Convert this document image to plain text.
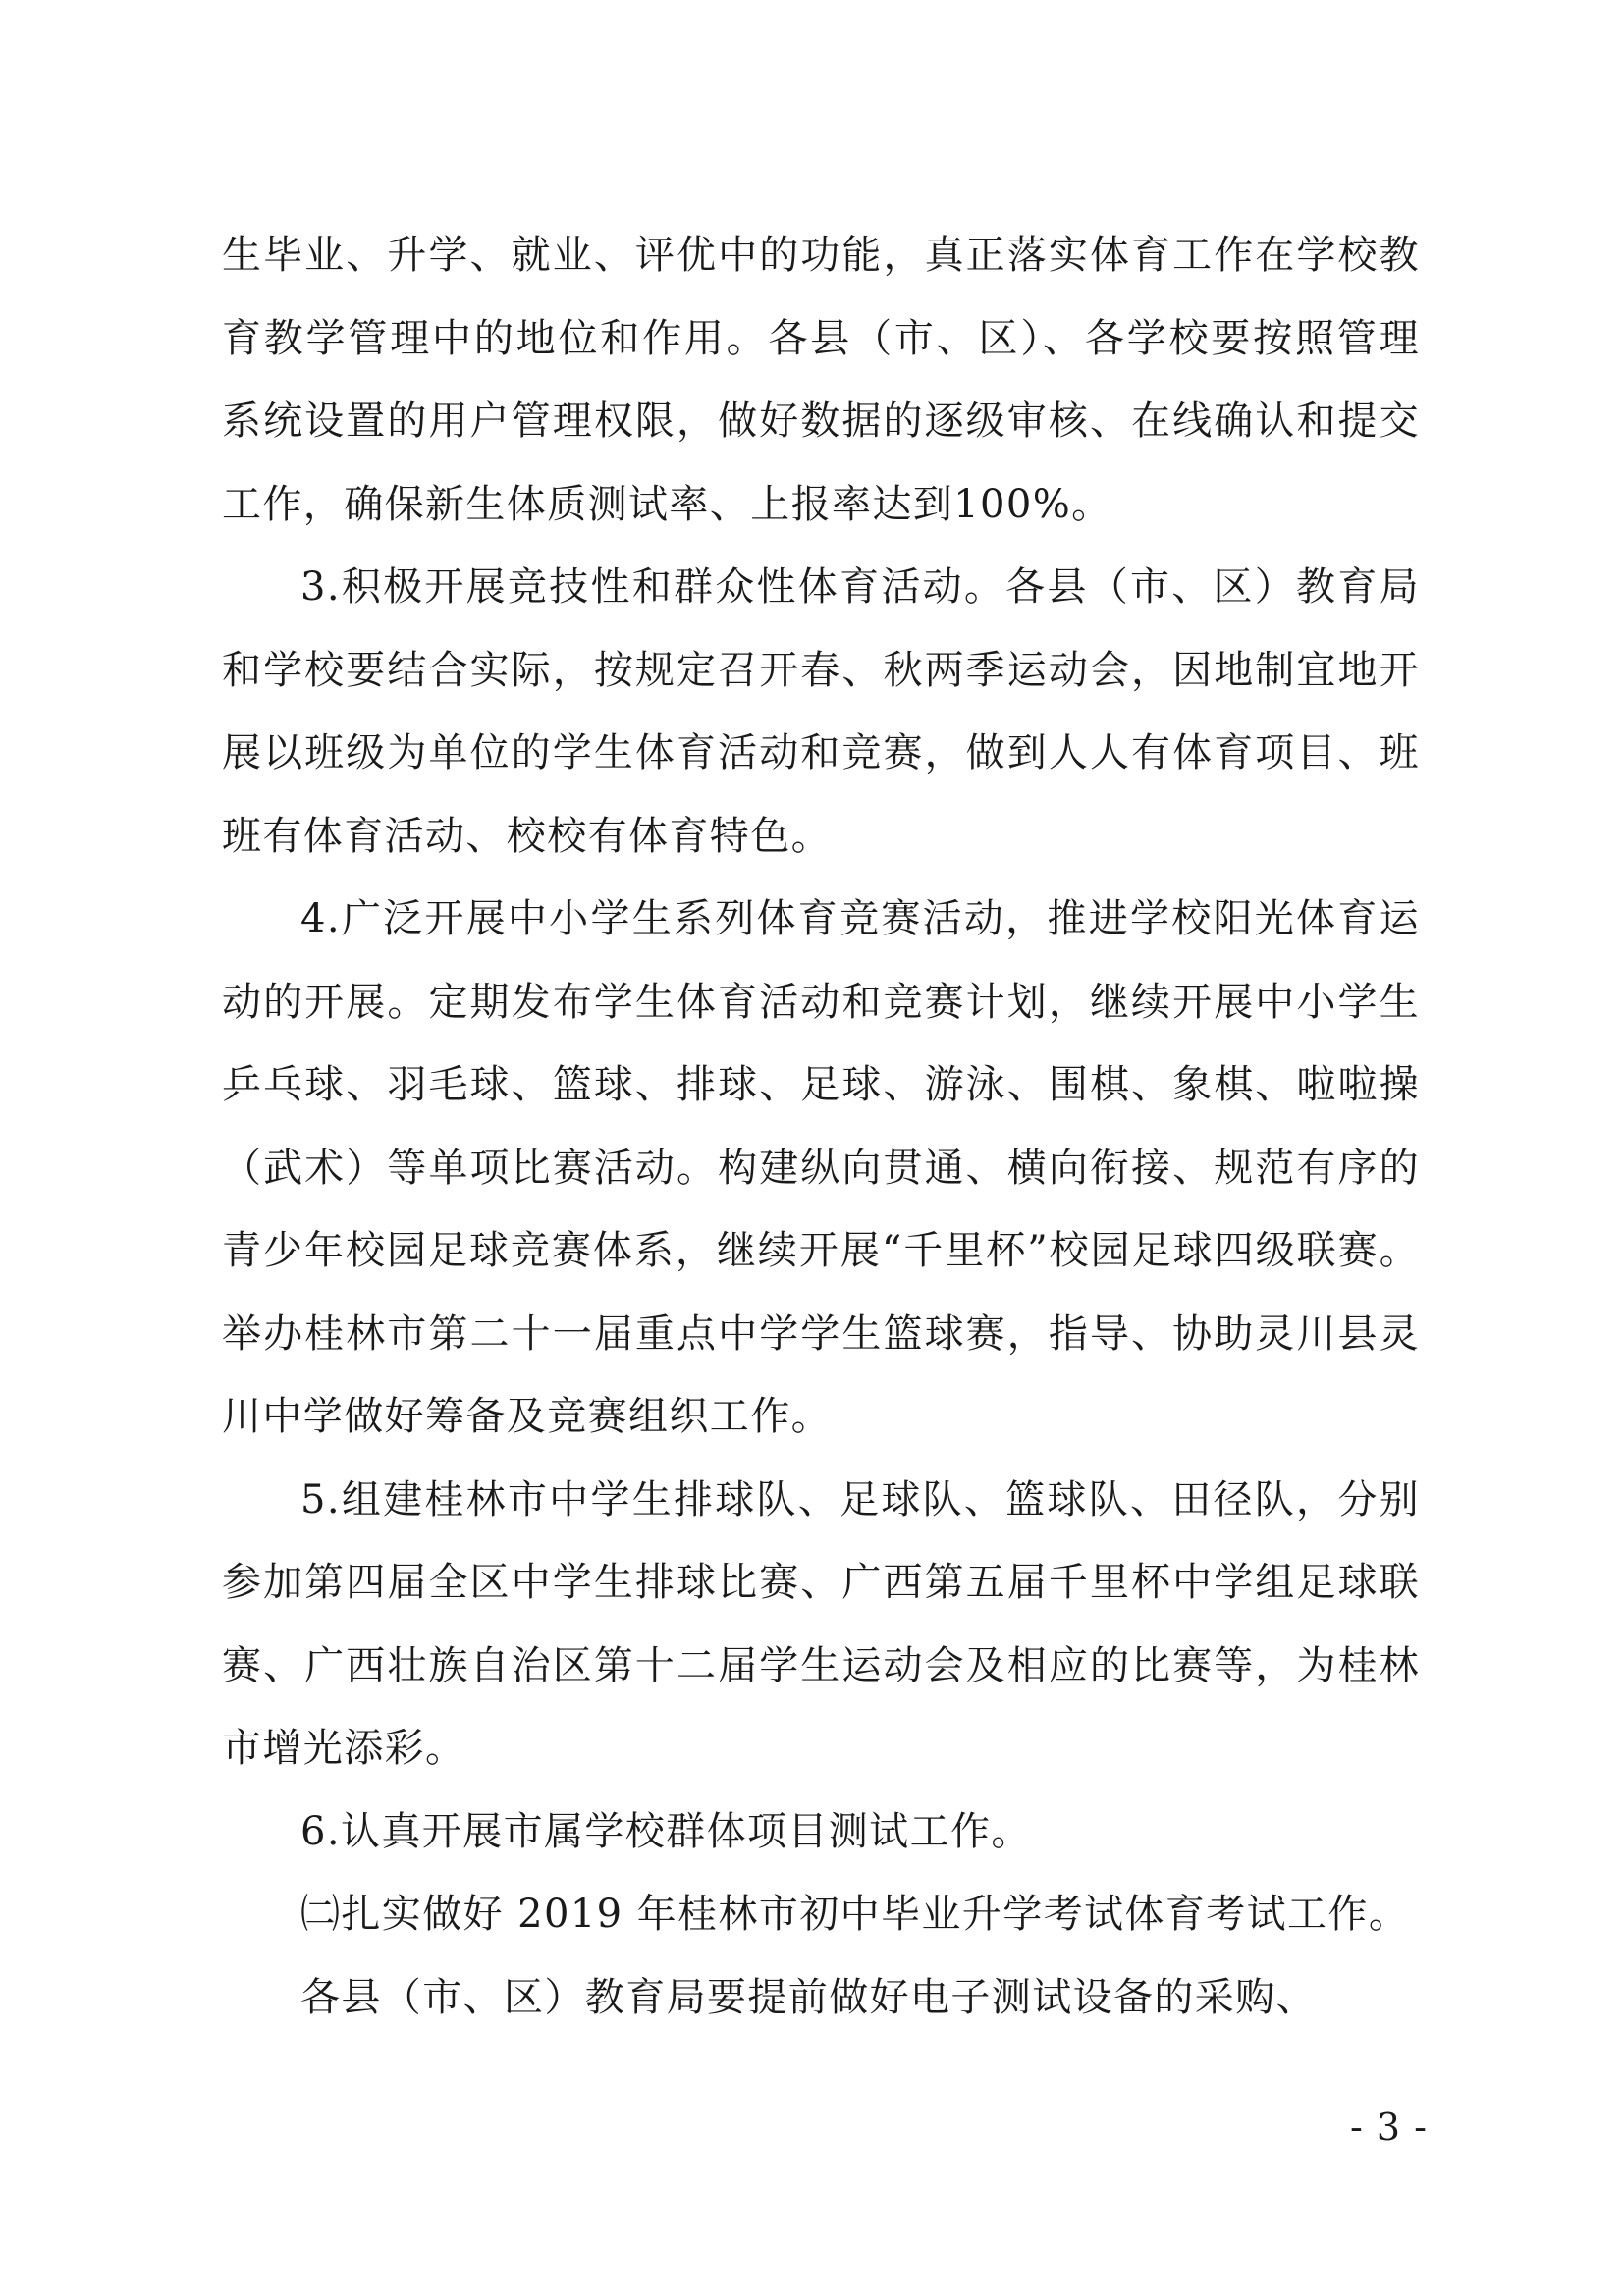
生毕业、升学、就业、评优中的功能，真正落实体育工作在学校教育教学管理中的地位和作用。各县（市、区）、各学校要按照管理系统设置的用户管理权限，做好数据的逐级审核、在线确认和提交工作，确保新生体质测试率、上报率达到100%。

3.积极开展竞技性和群众性体育活动。各县（市、区）教育局和学校要结合实际，按规定召开春、秋两季运动会，因地制宜地开展以班级为单位的学生体育活动和竞赛，做到人人有体育项目、班班有体育活动、校校有体育特色。

4.广泛开展中小学生系列体育竞赛活动，推进学校阳光体育运动的开展。定期发布学生体育活动和竞赛计划，继续开展中小学生乒乓球、羽毛球、篮球、排球、足球、游泳、围棋、象棋、啦啦操（武术）等单项比赛活动。构建纵向贯通、横向衔接、规范有序的青少年校园足球竞赛体系，继续开展“千里杯”校园足球四级联赛。举办桂林市第二十一届重点中学学生篮球赛，指导、协助灵川县灵川中学做好筹备及竞赛组织工作。

5.组建桂林市中学生排球队、足球队、篮球队、田径队，分别参加第四届全区中学生排球比赛、广西第五届千里杯中学组足球联赛、广西壮族自治区第十二届学生运动会及相应的比赛等，为桂林市增光添彩。

6.认真开展市属学校群体项目测试工作。

㈡扎实做好 2019 年桂林市初中毕业升学考试体育考试工作。

各县（市、区）教育局要提前做好电子测试设备的采购、

- 3 -
